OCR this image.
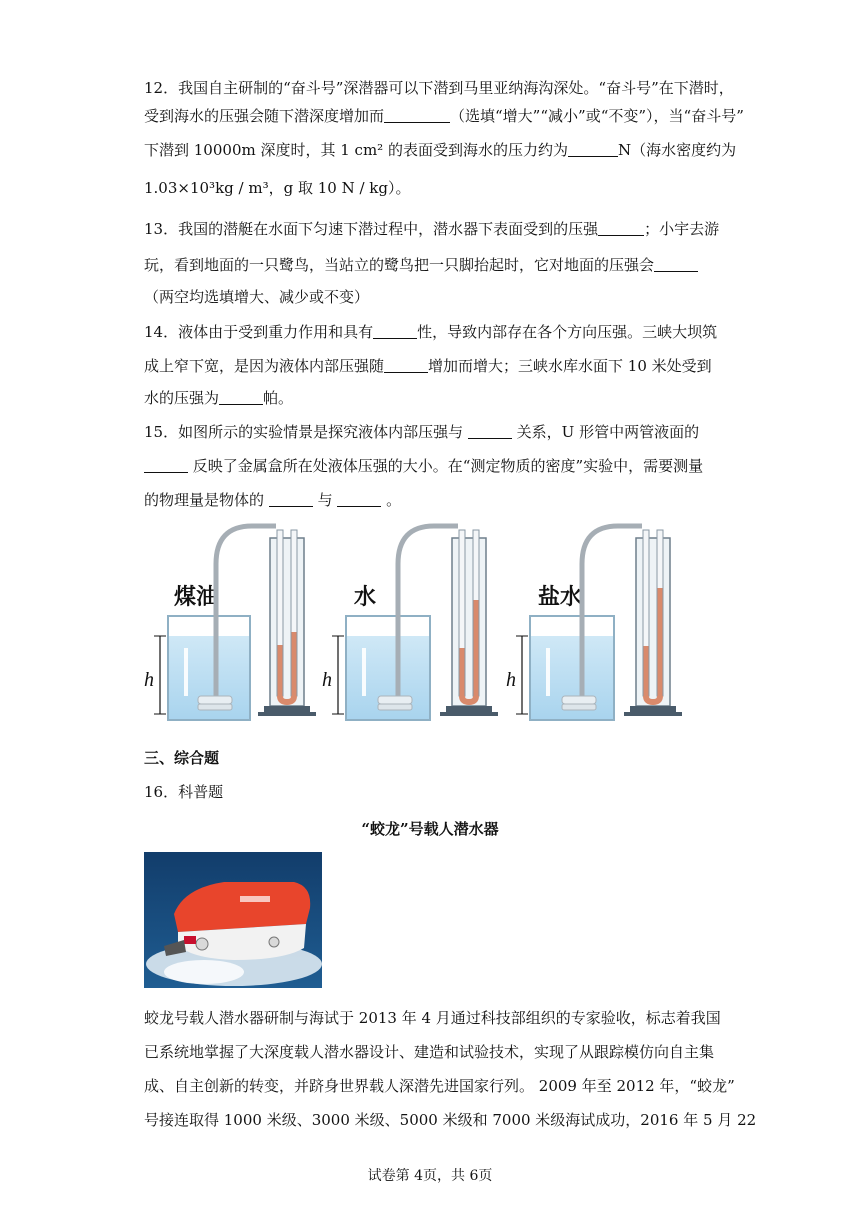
12．我国自主研制的“奋斗号”深潜器可以下潜到马里亚纳海沟深处。“奋斗号”在下潜时，
受到海水的压强会随下潜深度增加而	（选填“增大”“减小”或“不变”），当“奋斗号”
下潜到 10000m 深度时，其 1 cm² 的表面受到海水的压力约为	N（海水密度约为
1.03×10³kg / m³，g 取 10 N / kg）。
13．我国的潜艇在水面下匀速下潜过程中，潜水器下表面受到的压强	；小宇去游
玩，看到地面的一只鹭鸟，当站立的鹭鸟把一只脚抬起时，它对地面的压强会
（两空均选填增大、减少或不变）
14．液体由于受到重力作用和具有	性，导致内部存在各个方向压强。三峡大坝筑
成上窄下宽，是因为液体内部压强随	增加而增大；三峡水库水面下 10 米处受到
水的压强为	帕。
15．如图所示的实验情景是探究液体内部压强与	关系，U 形管中两管液面的
反映了金属盒所在处液体压强的大小。在“测定物质的密度”实验中，需要测量
的物理量是物体的	与	。
煤油
h
水
h
盐水
h
三、综合题
16．科普题
“蛟龙”号载人潜水器
蛟龙号载人潜水器研制与海试于 2013 年 4 月通过科技部组织的专家验收，标志着我国
已系统地掌握了大深度载人潜水器设计、建造和试验技术，实现了从跟踪模仿向自主集
成、自主创新的转变，并跻身世界载人深潜先进国家行列。 2009 年至 2012 年，“蛟龙”
号接连取得 1000 米级、3000 米级、5000 米级和 7000 米级海试成功，2016 年 5 月 22
试卷第 4页，共 6页
